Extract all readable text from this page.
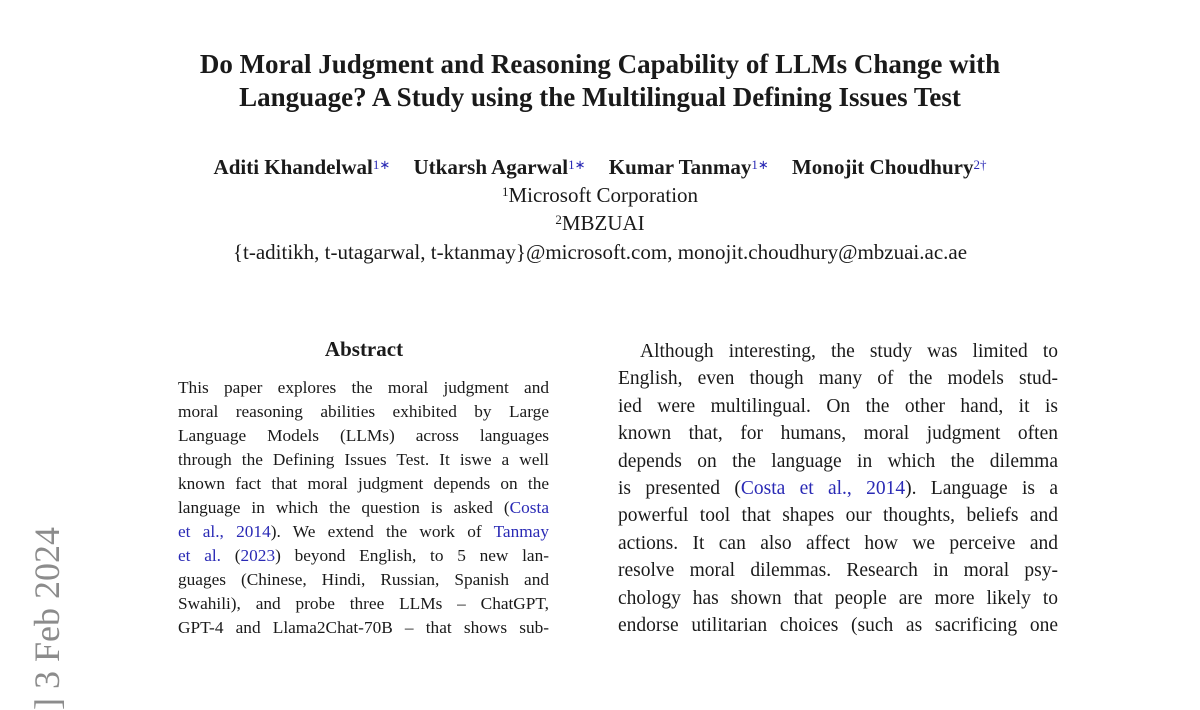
] 3 Feb 2024
Do Moral Judgment and Reasoning Capability of LLMs Change with
Language? A Study using the Multilingual Defining Issues Test
Aditi Khandelwal$^{1∗}$ Utkarsh Agarwal$^{1∗}$ Kumar Tanmay$^{1∗}$ Monojit Choudhury$^{2\dagger}$
$^1$Microsoft Corporation
$^2$MBZUAI
{t-aditikh, t-utagarwal, t-ktanmay}@microsoft.com, monojit.choudhury@mbzuai.ac.ae
Abstract
This paper explores the moral judgment and
moral reasoning abilities exhibited by Large
Language Models (LLMs) across languages
through the Defining Issues Test. It iswe a well
known fact that moral judgment depends on the
language in which the question is asked (Costa
et al., 2014). We extend the work of Tanmay
et al. (2023) beyond English, to 5 new lan-
guages (Chinese, Hindi, Russian, Spanish and
Swahili), and probe three LLMs – ChatGPT,
GPT-4 and Llama2Chat-70B – that shows sub-
Although interesting, the study was limited to
English, even though many of the models stud-
ied were multilingual. On the other hand, it is
known that, for humans, moral judgment often
depends on the language in which the dilemma
is presented (Costa et al., 2014). Language is a
powerful tool that shapes our thoughts, beliefs and
actions. It can also affect how we perceive and
resolve moral dilemmas. Research in moral psy-
chology has shown that people are more likely to
endorse utilitarian choices (such as sacrificing one
